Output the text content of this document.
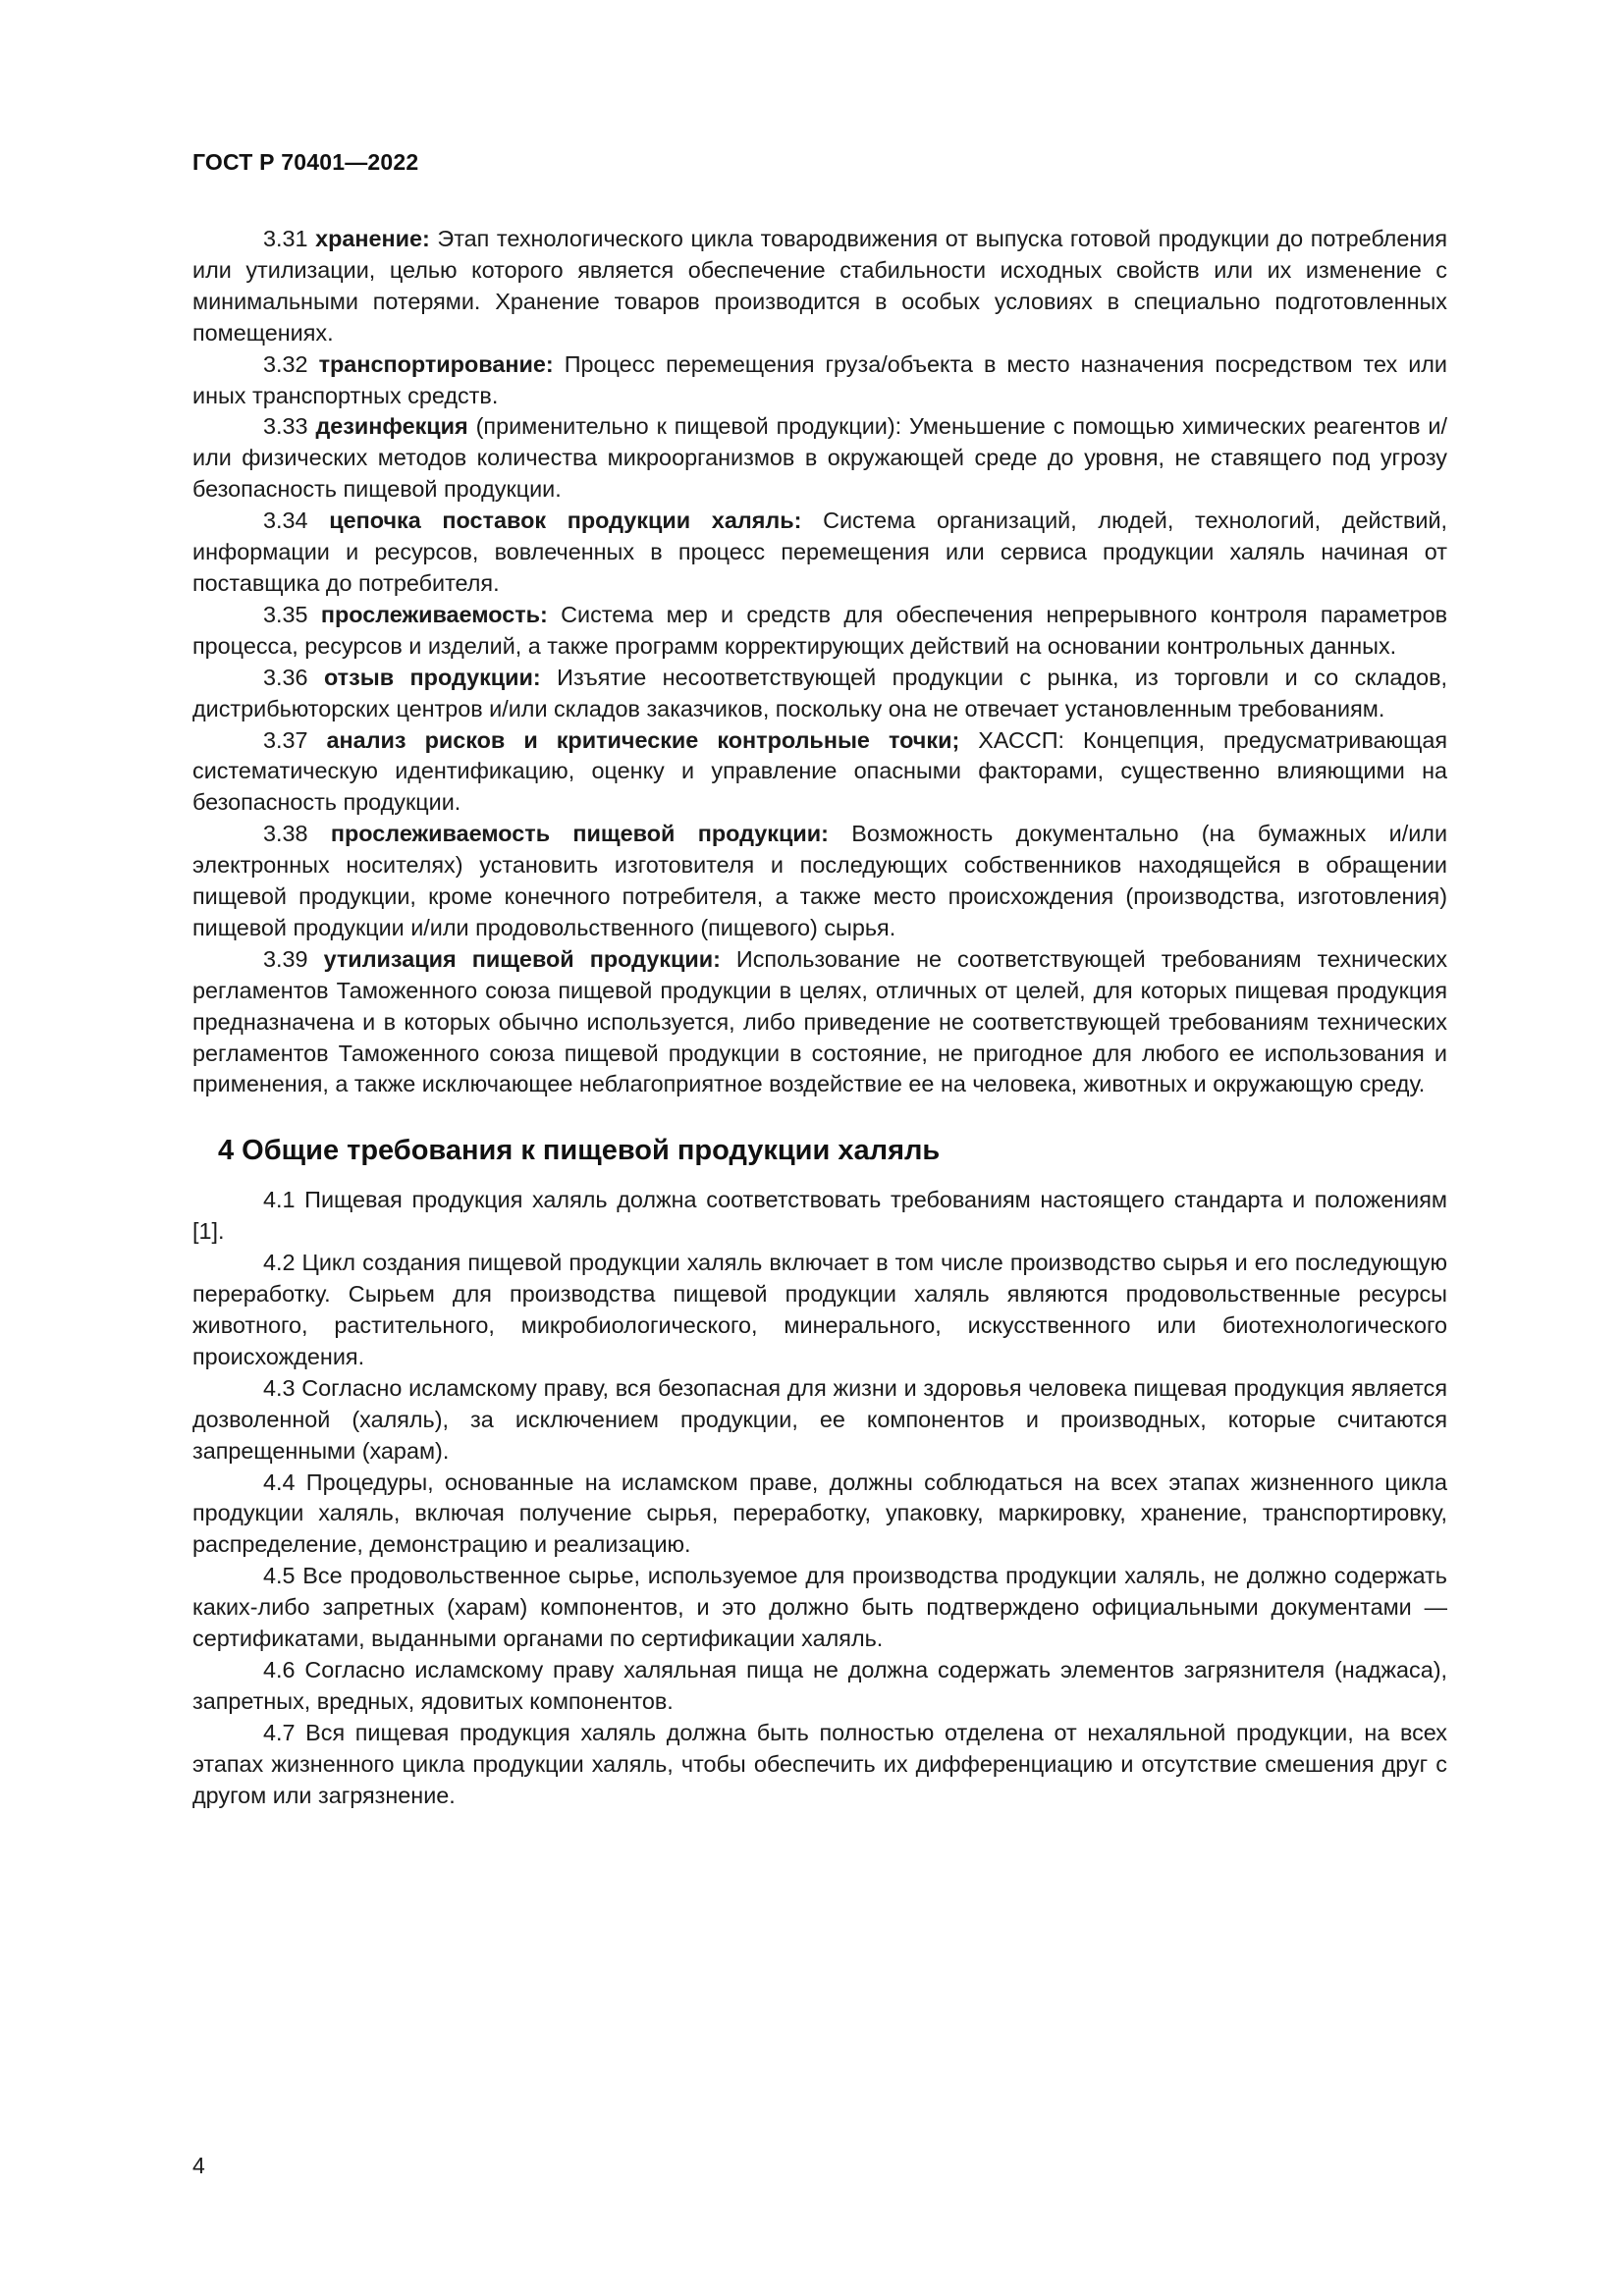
ГОСТ Р 70401—2022

3.31 хранение: Этап технологического цикла товародвижения от выпуска готовой продукции до потребления или утилизации, целью которого является обеспечение стабильности исходных свойств или их изменение с минимальными потерями. Хранение товаров производится в особых условиях в специально подготовленных помещениях.

3.32 транспортирование: Процесс перемещения груза/объекта в место назначения посредством тех или иных транспортных средств.

3.33 дезинфекция (применительно к пищевой продукции): Уменьшение с помощью химических реагентов и/или физических методов количества микроорганизмов в окружающей среде до уровня, не ставящего под угрозу безопасность пищевой продукции.

3.34 цепочка поставок продукции халяль: Система организаций, людей, технологий, действий, информации и ресурсов, вовлеченных в процесс перемещения или сервиса продукции халяль начиная от поставщика до потребителя.

3.35 прослеживаемость: Система мер и средств для обеспечения непрерывного контроля параметров процесса, ресурсов и изделий, а также программ корректирующих действий на основании контрольных данных.

3.36 отзыв продукции: Изъятие несоответствующей продукции с рынка, из торговли и со складов, дистрибьюторских центров и/или складов заказчиков, поскольку она не отвечает установленным требованиям.

3.37 анализ рисков и критические контрольные точки; ХАССП: Концепция, предусматривающая систематическую идентификацию, оценку и управление опасными факторами, существенно влияющими на безопасность продукции.

3.38 прослеживаемость пищевой продукции: Возможность документально (на бумажных и/или электронных носителях) установить изготовителя и последующих собственников находящейся в обращении пищевой продукции, кроме конечного потребителя, а также место происхождения (производства, изготовления) пищевой продукции и/или продовольственного (пищевого) сырья.

3.39 утилизация пищевой продукции: Использование не соответствующей требованиям технических регламентов Таможенного союза пищевой продукции в целях, отличных от целей, для которых пищевая продукция предназначена и в которых обычно используется, либо приведение не соответствующей требованиям технических регламентов Таможенного союза пищевой продукции в состояние, не пригодное для любого ее использования и применения, а также исключающее неблагоприятное воздействие ее на человека, животных и окружающую среду.

4 Общие требования к пищевой продукции халяль

4.1 Пищевая продукция халяль должна соответствовать требованиям настоящего стандарта и положениям [1].

4.2 Цикл создания пищевой продукции халяль включает в том числе производство сырья и его последующую переработку. Сырьем для производства пищевой продукции халяль являются продовольственные ресурсы животного, растительного, микробиологического, минерального, искусственного или биотехнологического происхождения.

4.3 Согласно исламскому праву, вся безопасная для жизни и здоровья человека пищевая продукция является дозволенной (халяль), за исключением продукции, ее компонентов и производных, которые считаются запрещенными (харам).

4.4 Процедуры, основанные на исламском праве, должны соблюдаться на всех этапах жизненного цикла продукции халяль, включая получение сырья, переработку, упаковку, маркировку, хранение, транспортировку, распределение, демонстрацию и реализацию.

4.5 Все продовольственное сырье, используемое для производства продукции халяль, не должно содержать каких-либо запретных (харам) компонентов, и это должно быть подтверждено официальными документами — сертификатами, выданными органами по сертификации халяль.

4.6 Согласно исламскому праву халяльная пища не должна содержать элементов загрязнителя (наджаса), запретных, вредных, ядовитых компонентов.

4.7 Вся пищевая продукция халяль должна быть полностью отделена от нехаляльной продукции, на всех этапах жизненного цикла продукции халяль, чтобы обеспечить их дифференциацию и отсутствие смешения друг с другом или загрязнение.

4
